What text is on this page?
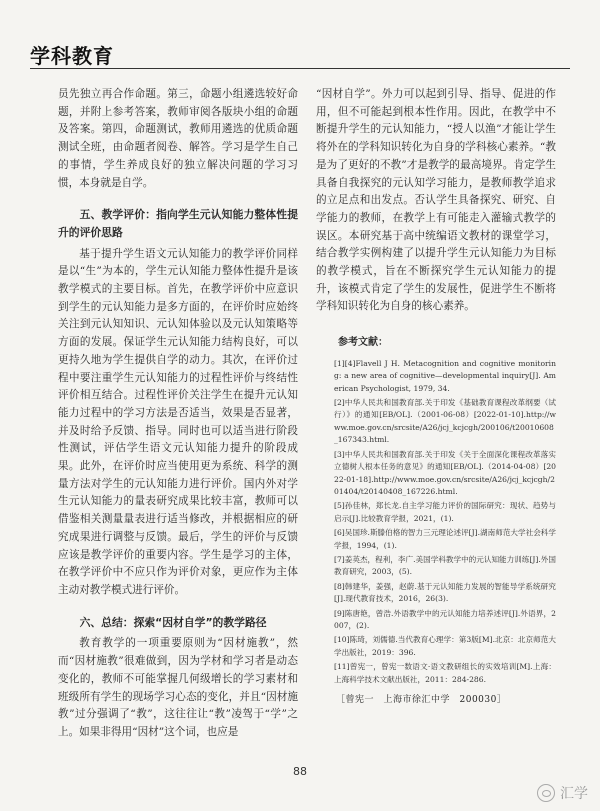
学科教育

员先独立再合作命题。第三，命题小组遴选较好命题，并附上参考答案，教师审阅各版块小组的命题及答案。第四，命题测试，教师用遴选的优质命题测试全班，由命题者阅卷、解答。学习是学生自己的事情，学生养成良好的独立解决问题的学习习惯，本身就是自学。

五、教学评价：指向学生元认知能力整体性提升的评价思路

基于提升学生语文元认知能力的教学评价同样是以“生”为本的，学生元认知能力整体性提升是该教学模式的主要目标。首先，在教学评价中应意识到学生的元认知能力是多方面的，在评价时应始终关注到元认知知识、元认知体验以及元认知策略等方面的发展。保证学生元认知能力结构良好，可以更持久地为学生提供自学的动力。其次，在评价过程中要注重学生元认知能力的过程性评价与终结性评价相互结合。过程性评价关注学生在提升元认知能力过程中的学习方法是否适当，效果是否显著，并及时给予反馈、指导。同时也可以适当进行阶段性测试，评估学生语文元认知能力提升的阶段成果。此外，在评价时应当使用更为系统、科学的测量方法对学生的元认知能力进行评价。国内外对学生元认知能力的量表研究成果比较丰富，教师可以借鉴相关测量量表进行适当修改，并根据相应的研究成果进行调整与反馈。最后，学生的评价与反馈应该是教学评价的重要内容。学生是学习的主体，在教学评价中不应只作为评价对象，更应作为主体主动对教学模式进行评价。

六、总结：探索“因材自学”的教学路径

教育教学的一项重要原则为“因材施教”，然而“因材施教”很难做到，因为学材和学习者是动态变化的，教师不可能掌握几何级增长的学习素材和班级所有学生的现场学习心态的变化，并且“因材施教”过分强调了“教”，这往往让“教”凌驾于“学”之上。如果非得用“因材”这个词，也应是

“因材自学”。外力可以起到引导、指导、促进的作用，但不可能起到根本性作用。因此，在教学中不断提升学生的元认知能力，“授人以渔”才能让学生将外在的学科知识转化为自身的学科核心素养。“教是为了更好的不教”才是教学的最高境界。肯定学生具备自我探究的元认知学习能力，是教师教学追求的立足点和出发点。否认学生具备探究、研究、自学能力的教师，在教学上有可能走入灌输式教学的误区。本研究基于高中统编语文教材的课堂学习，结合教学实例构建了以提升学生元认知能力为目标的教学模式，旨在不断探究学生元认知能力的提升，该模式肯定了学生的发展性，促进学生不断将学科知识转化为自身的核心素养。

参考文献：

[1][4]Flavell J H. Metacognition and cognitive monitoring: a new area of cognitive—developmental inquiry[J]. American Psychologist, 1979, 34.

[2]中华人民共和国教育部.关于印发《基础教育课程改革纲要（试行）》的通知[EB/OL].（2001-06-08）[2022-01-10].http://www.moe.gov.cn/srcsite/A26/jcj_kcjcgh/200106/t20010608_167343.html.

[3]中华人民共和国教育部.关于印发《关于全面深化课程改革落实立德树人根本任务的意见》的通知[EB/OL].（2014-04-08）[2022-01-18].http://www.moe.gov.cn/srcsite/A26/jcj_kcjcgh/201404/t20140408_167226.html.

[5]孙佳林，郑长龙.自主学习能力评价的国际研究：现状、趋势与启示[J].比较教育学报，2021，(1).

[6]吴国珍.斯滕伯格的智力三元理论述评[J].湖南师范大学社会科学学报，1994，(1).

[7]姜英杰，程利，李广.美国学科教学中的元认知能力训练[J].外国教育研究，2003，(5).

[8]韩建华，姜强，赵蔚.基于元认知能力发展的智能导学系统研究[J].现代教育技术，2016，26(3).

[9]陈唐艳，曾浩.外语教学中的元认知能力培养述评[J].外语界，2007，(2).

[10]陈琦，刘儒德.当代教育心理学：第3版[M].北京：北京师范大学出版社，2019：396.

[11]曾宪一，曾宪一数语文·语文教研组长的实效培训[M].上海：上海科学技术文献出版社，2011：284-286.

［曾宪一　上海市徐汇中学　200030］
88
汇学
